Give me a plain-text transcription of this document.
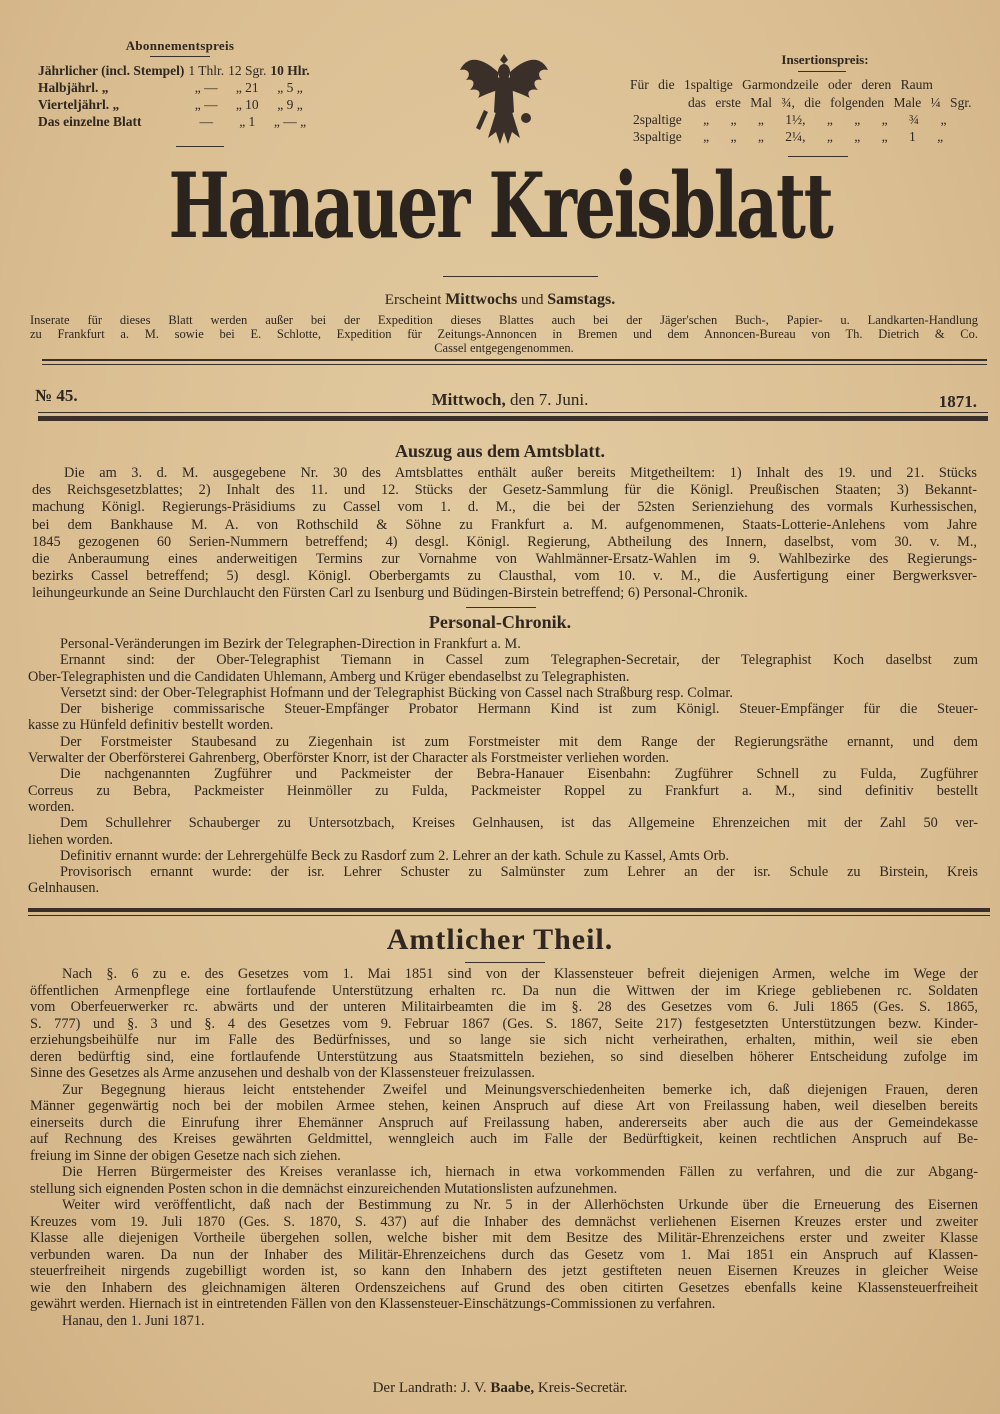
Abonnementspreis
Jährlicher (incl. Stempel)	1 Thlr.	12 Sgr.	10 Hlr.
Halbjährl. „	„ —	„ 21	„ 5 „
Vierteljährl. „	„ —	„ 10	„ 9 „
Das einzelne Blatt	—	„ 1	„ — „
Insertionspreis:
Für die 1spaltige Garmondzeile oder deren Raum
das erste Mal ¾, die folgenden Male ¼ Sgr.
2spaltige „ „ „ 1½, „ „ „ ¾ „
3spaltige „ „ „ 2¼, „ „ „ 1 „
Hanauer Kreisblatt
Erscheint Mittwochs und Samstags.
Inserate für dieses Blatt werden außer bei der Expedition dieses Blattes auch bei der Jäger'schen Buch-, Papier- u. Landkarten-Handlung
zu Frankfurt a. M. sowie bei E. Schlotte, Expedition für Zeitungs-Annoncen in Bremen und dem Annoncen-Bureau von Th. Dietrich & Co.
Cassel entgegengenommen.
№ 45.	Mittwoch, den 7. Juni.	1871.
Auszug aus dem Amtsblatt.
Die am 3. d. M. ausgegebene Nr. 30 des Amtsblattes enthält außer bereits Mitgetheiltem: 1) Inhalt des 19. und 21. Stücks
des Reichsgesetzblattes; 2) Inhalt des 11. und 12. Stücks der Gesetz-Sammlung für die Königl. Preußischen Staaten; 3) Bekannt-
machung Königl. Regierungs-Präsidiums zu Cassel vom 1. d. M., die bei der 52sten Serienziehung des vormals Kurhessischen,
bei dem Bankhause M. A. von Rothschild & Söhne zu Frankfurt a. M. aufgenommenen, Staats-Lotterie-Anlehens vom Jahre
1845 gezogenen 60 Serien-Nummern betreffend; 4) desgl. Königl. Regierung, Abtheilung des Innern, daselbst, vom 30. v. M.,
die Anberaumung eines anderweitigen Termins zur Vornahme von Wahlmänner-Ersatz-Wahlen im 9. Wahlbezirke des Regierungs-
bezirks Cassel betreffend; 5) desgl. Königl. Oberbergamts zu Clausthal, vom 10. v. M., die Ausfertigung einer Bergwerksver-
leihungeurkunde an Seine Durchlaucht den Fürsten Carl zu Isenburg und Büdingen-Birstein betreffend; 6) Personal-Chronik.
Personal-Chronik.
Personal-Veränderungen im Bezirk der Telegraphen-Direction in Frankfurt a. M.
Ernannt sind: der Ober-Telegraphist Tiemann in Cassel zum Telegraphen-Secretair, der Telegraphist Koch daselbst zum
Ober-Telegraphisten und die Candidaten Uhlemann, Amberg und Krüger ebendaselbst zu Telegraphisten.
Versetzt sind: der Ober-Telegraphist Hofmann und der Telegraphist Bücking von Cassel nach Straßburg resp. Colmar.
Der bisherige commissarische Steuer-Empfänger Probator Hermann Kind ist zum Königl. Steuer-Empfänger für die Steuer-
kasse zu Hünfeld definitiv bestellt worden.
Der Forstmeister Staubesand zu Ziegenhain ist zum Forstmeister mit dem Range der Regierungsräthe ernannt, und dem
Verwalter der Oberförsterei Gahrenberg, Oberförster Knorr, ist der Character als Forstmeister verliehen worden.
Die nachgenannten Zugführer und Packmeister der Bebra-Hanauer Eisenbahn: Zugführer Schnell zu Fulda, Zugführer
Correus zu Bebra, Packmeister Heinmöller zu Fulda, Packmeister Roppel zu Frankfurt a. M., sind definitiv bestellt
worden.
Dem Schullehrer Schauberger zu Untersotzbach, Kreises Gelnhausen, ist das Allgemeine Ehrenzeichen mit der Zahl 50 ver-
liehen worden.
Definitiv ernannt wurde: der Lehrergehülfe Beck zu Rasdorf zum 2. Lehrer an der kath. Schule zu Kassel, Amts Orb.
Provisorisch ernannt wurde: der isr. Lehrer Schuster zu Salmünster zum Lehrer an der isr. Schule zu Birstein, Kreis
Gelnhausen.
Amtlicher Theil.
Nach §. 6 zu e. des Gesetzes vom 1. Mai 1851 sind von der Klassensteuer befreit diejenigen Armen, welche im Wege der
öffentlichen Armenpflege eine fortlaufende Unterstützung erhalten rc. Da nun die Wittwen der im Kriege gebliebenen rc. Soldaten
vom Oberfeuerwerker rc. abwärts und der unteren Militairbeamten die im §. 28 des Gesetzes vom 6. Juli 1865 (Ges. S. 1865,
S. 777) und §. 3 und §. 4 des Gesetzes vom 9. Februar 1867 (Ges. S. 1867, Seite 217) festgesetzten Unterstützungen bezw. Kinder-
erziehungsbeihülfe nur im Falle des Bedürfnisses, und so lange sie sich nicht verheirathen, erhalten, mithin, weil sie eben
deren bedürftig sind, eine fortlaufende Unterstützung aus Staatsmitteln beziehen, so sind dieselben höherer Entscheidung zufolge im
Sinne des Gesetzes als Arme anzusehen und deshalb von der Klassensteuer freizulassen.
Zur Begegnung hieraus leicht entstehender Zweifel und Meinungsverschiedenheiten bemerke ich, daß diejenigen Frauen, deren
Männer gegenwärtig noch bei der mobilen Armee stehen, keinen Anspruch auf diese Art von Freilassung haben, weil dieselben bereits
einerseits durch die Einrufung ihrer Ehemänner Anspruch auf Freilassung haben, andererseits aber auch die aus der Gemeindekasse
auf Rechnung des Kreises gewährten Geldmittel, wenngleich auch im Falle der Bedürftigkeit, keinen rechtlichen Anspruch auf Be-
freiung im Sinne der obigen Gesetze nach sich ziehen.
Die Herren Bürgermeister des Kreises veranlasse ich, hiernach in etwa vorkommenden Fällen zu verfahren, und die zur Abgang-
stellung sich eignenden Posten schon in die demnächst einzureichenden Mutationslisten aufzunehmen.
Weiter wird veröffentlicht, daß nach der Bestimmung zu Nr. 5 in der Allerhöchsten Urkunde über die Erneuerung des Eisernen
Kreuzes vom 19. Juli 1870 (Ges. S. 1870, S. 437) auf die Inhaber des demnächst verliehenen Eisernen Kreuzes erster und zweiter
Klasse alle diejenigen Vortheile übergehen sollen, welche bisher mit dem Besitze des Militär-Ehrenzeichens erster und zweiter Klasse
verbunden waren. Da nun der Inhaber des Militär-Ehrenzeichens durch das Gesetz vom 1. Mai 1851 ein Anspruch auf Klassen-
steuerfreiheit nirgends zugebilligt worden ist, so kann den Inhabern des jetzt gestifteten neuen Eisernen Kreuzes in gleicher Weise
wie den Inhabern des gleichnamigen älteren Ordenszeichens auf Grund des oben citirten Gesetzes ebenfalls keine Klassensteuerfreiheit
gewährt werden. Hiernach ist in eintretenden Fällen von den Klassensteuer-Einschätzungs-Commissionen zu verfahren.
Hanau, den 1. Juni 1871.
Der Landrath: J. V. Baabe, Kreis-Secretär.
